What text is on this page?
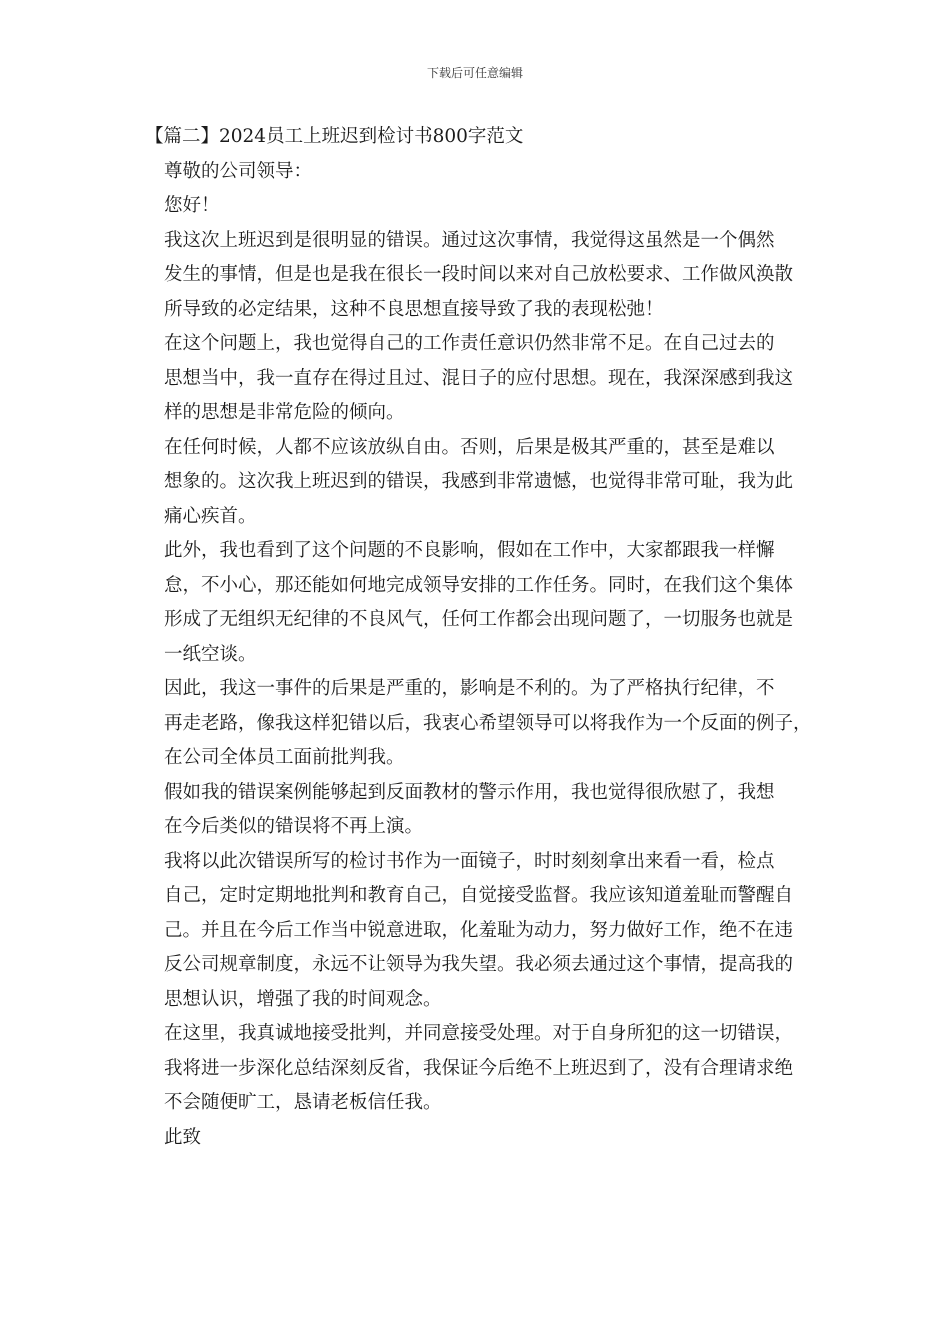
下载后可任意编辑

【篇二】2024员工上班迟到检讨书800字范文

尊敬的公司领导：

您好！

我这次上班迟到是很明显的错误。通过这次事情，我觉得这虽然是一个偶然
发生的事情，但是也是我在很长一段时间以来对自己放松要求、工作做风涣散
所导致的必定结果，这种不良思想直接导致了我的表现松弛！

在这个问题上，我也觉得自己的工作责任意识仍然非常不足。在自己过去的
思想当中，我一直存在得过且过、混日子的应付思想。现在，我深深感到我这
样的思想是非常危险的倾向。

在任何时候，人都不应该放纵自由。否则，后果是极其严重的，甚至是难以
想象的。这次我上班迟到的错误，我感到非常遗憾，也觉得非常可耻，我为此
痛心疾首。

此外，我也看到了这个问题的不良影响，假如在工作中，大家都跟我一样懈
怠，不小心，那还能如何地完成领导安排的工作任务。同时，在我们这个集体
形成了无组织无纪律的不良风气，任何工作都会出现问题了，一切服务也就是
一纸空谈。

因此，我这一事件的后果是严重的，影响是不利的。为了严格执行纪律，不
再走老路，像我这样犯错以后，我衷心希望领导可以将我作为一个反面的例子，
在公司全体员工面前批判我。

假如我的错误案例能够起到反面教材的警示作用，我也觉得很欣慰了，我想
在今后类似的错误将不再上演。

我将以此次错误所写的检讨书作为一面镜子，时时刻刻拿出来看一看，检点
自己，定时定期地批判和教育自己，自觉接受监督。我应该知道羞耻而警醒自
己。并且在今后工作当中锐意进取，化羞耻为动力，努力做好工作，绝不在违
反公司规章制度，永远不让领导为我失望。我必须去通过这个事情，提高我的
思想认识，增强了我的时间观念。

在这里，我真诚地接受批判，并同意接受处理。对于自身所犯的这一切错误，
我将进一步深化总结深刻反省，我保证今后绝不上班迟到了，没有合理请求绝
不会随便旷工，恳请老板信任我。

此致
